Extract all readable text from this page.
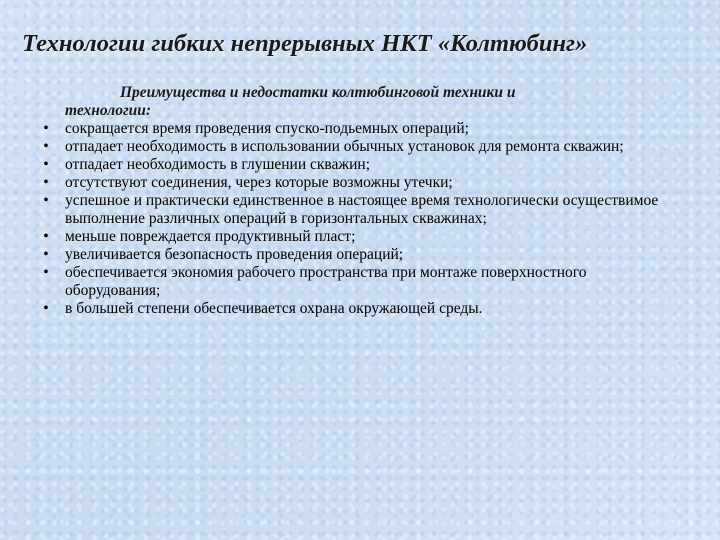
Технологии гибких непрерывных НКТ «Колтюбинг»
Преимущества и недостатки колтюбинговой техники и
технологии:
• сокращается время проведения спуско-подьемных операций;
• отпадает необходимость в использовании обычных установок для ремонта скважин;
• отпадает необходимость в глушении скважин;
• отсутствуют соединения, через которые возможны утечки;
• успешное и практически единственное в настоящее время технологически осуществимое выполнение различных операций в горизонтальных скважинах;
• меньше повреждается продуктивный пласт;
• увеличивается безопасность проведения операций;
• обеспечивается экономия рабочего пространства при монтаже поверхностного оборудования;
• в большей степени обеспечивается охрана окружающей среды.
